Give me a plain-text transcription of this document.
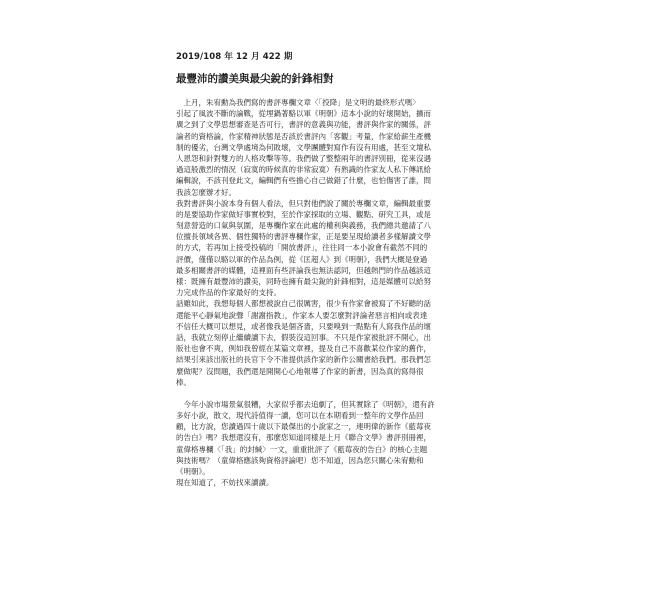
2019/108 年 12 月 422 期
最豐沛的讚美與最尖銳的針鋒相對
　上月，朱宥勳為我們寫的書評專欄文章〈「投降」是文明的最終形式嗎〉
引起了風波不斷的論戰，從埋鍋著駱以軍《明朝》這本小說的好壞開始，擴而
廣之到了文學思想審查是否可行，書評的意義與功能，書評與作家的關係，評
論者的資格論，作家精神狀態是否該於書評內「客觀」考量，作家給薪生產機
制的優劣，台灣文學處境為何敗壞，文學團體對寫作有沒有用處，甚至文壇私
人恩怨和針對雙方的人格攻擊等等。我們做了整整兩年的書評別冊，從來沒遇
過這般激烈的情況（寂寞的時候真的非常寂寞）有熟識的作家友人私下傳訊給
編輯說，不該刊登此文，編輯們有些擔心自己做錯了什麼，也怕傷害了誰，問
我該怎麼辦才好。
我對書評與小說本身有個人看法，但只對他們說了關於專欄文章，編輯最重要
的是要協助作家做好事實校對，至於作家採取的立場、觀點、研究工具，或是
刻意營造的口氣與氛圍，是專欄作家在此處的權利與義務，我們總共邀請了八
位擅長領域各異、個性獨特的書評專欄作家，正是要呈現給讀者多樣解讀文學
的方式，若再加上接受投稿的「開放書評」，往往同一本小說會有截然不同的
評價，僅僅以駱以軍的作品為例，從《匡超人》到《明朝》，我們大概是登過
最多相關書評的媒體，這裡面有些評論我也無法認同，但越熱門的作品越該這
樣：既擁有最豐沛的讚美，同時也擁有最尖銳的針鋒相對，這是媒體可以給努
力完成作品的作家最好的支持。
話雖如此，我想每個人都想被說自己很厲害，很少有作家會被寫了不好聽的話
還能平心靜氣地說聲「謝謝指教」，作家本人要怎麼對評論者惡言相向或表達
不信任大概可以想見，或者像我是個吝嗇，只要嗅到一點點有人寫我作品的壞
話，我就立刻停止繼續讀下去，假裝沒這回事。不只是作家被批評不開心，出
版社也會不爽，例如我曾經在某篇文章裡，提及自己不喜歡某位作家的舊作，
結果引來該出版社的長官下令不准提供該作家的新作公關書給我們。那我們怎
麼做呢？沒問題，我們還是開開心心地報導了作家的新書，因為真的寫得很
棒。
　今年小說市場景氣很糟，大家似乎都去追劇了，但其實除了《明朝》，還有許
多好小說，散文，現代詩值得一讀，您可以在本期看到一整年的文學作品回
顧，比方說，您讀過四十歲以下最傑出的小說家之一，連明偉的新作《藍莓夜
的告白》嗎？我想還沒有，那麼您知道同樣是上月《聯合文學》書評別冊裡，
童偉格專欄〈「我」的封緘〉一文，重重批評了《藍莓夜的告白》的核心主題
與技術嗎？（童偉格應該夠資格評論吧）您不知道，因為您只關心朱宥勳和
《明朝》。
現在知道了，不妨找來讀讀。
